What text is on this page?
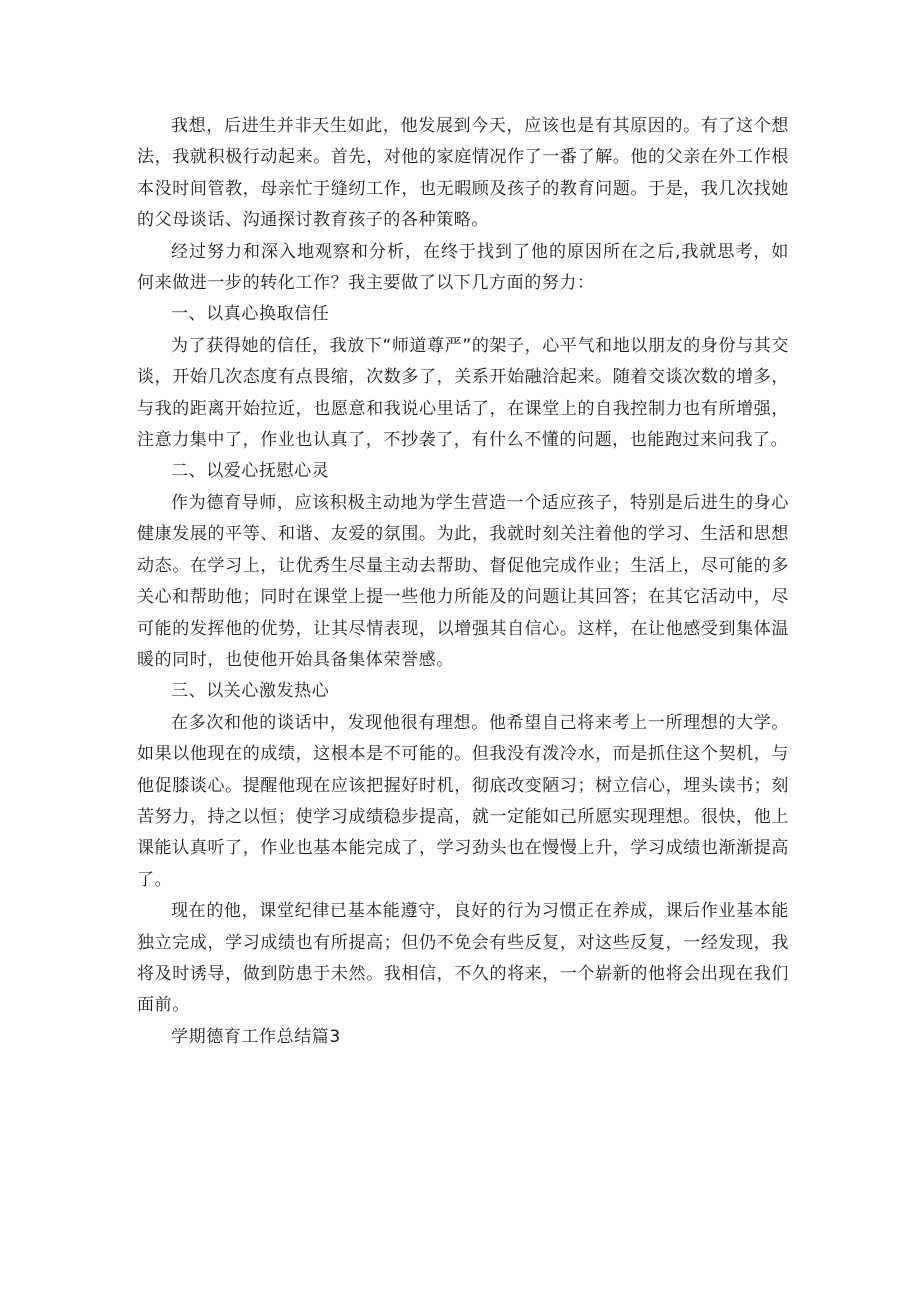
我想，后进生并非天生如此，他发展到今天，应该也是有其原因的。有了这个想法，我就积极行动起来。首先，对他的家庭情况作了一番了解。他的父亲在外工作根本没时间管教，母亲忙于缝纫工作，也无暇顾及孩子的教育问题。于是，我几次找她的父母谈话、沟通探讨教育孩子的各种策略。

经过努力和深入地观察和分析，在终于找到了他的原因所在之后,我就思考，如何来做进一步的转化工作？我主要做了以下几方面的努力：

一、以真心换取信任

为了获得她的信任，我放下“师道尊严”的架子，心平气和地以朋友的身份与其交谈，开始几次态度有点畏缩，次数多了，关系开始融洽起来。随着交谈次数的增多，与我的距离开始拉近，也愿意和我说心里话了，在课堂上的自我控制力也有所增强，注意力集中了，作业也认真了，不抄袭了，有什么不懂的问题，也能跑过来问我了。

二、以爱心抚慰心灵

作为德育导师，应该积极主动地为学生营造一个适应孩子，特别是后进生的身心健康发展的平等、和谐、友爱的氛围。为此，我就时刻关注着他的学习、生活和思想动态。在学习上，让优秀生尽量主动去帮助、督促他完成作业；生活上，尽可能的多关心和帮助他；同时在课堂上提一些他力所能及的问题让其回答；在其它活动中，尽可能的发挥他的优势，让其尽情表现，以增强其自信心。这样，在让他感受到集体温暖的同时，也使他开始具备集体荣誉感。

三、以关心激发热心

在多次和他的谈话中，发现他很有理想。他希望自己将来考上一所理想的大学。如果以他现在的成绩，这根本是不可能的。但我没有泼冷水，而是抓住这个契机，与他促膝谈心。提醒他现在应该把握好时机，彻底改变陋习；树立信心，埋头读书；刻苦努力，持之以恒；使学习成绩稳步提高，就一定能如己所愿实现理想。很快，他上课能认真听了，作业也基本能完成了，学习劲头也在慢慢上升，学习成绩也渐渐提高了。

现在的他，课堂纪律已基本能遵守，良好的行为习惯正在养成，课后作业基本能独立完成，学习成绩也有所提高；但仍不免会有些反复，对这些反复，一经发现，我将及时诱导，做到防患于未然。我相信，不久的将来，一个崭新的他将会出现在我们面前。

学期德育工作总结篇3
